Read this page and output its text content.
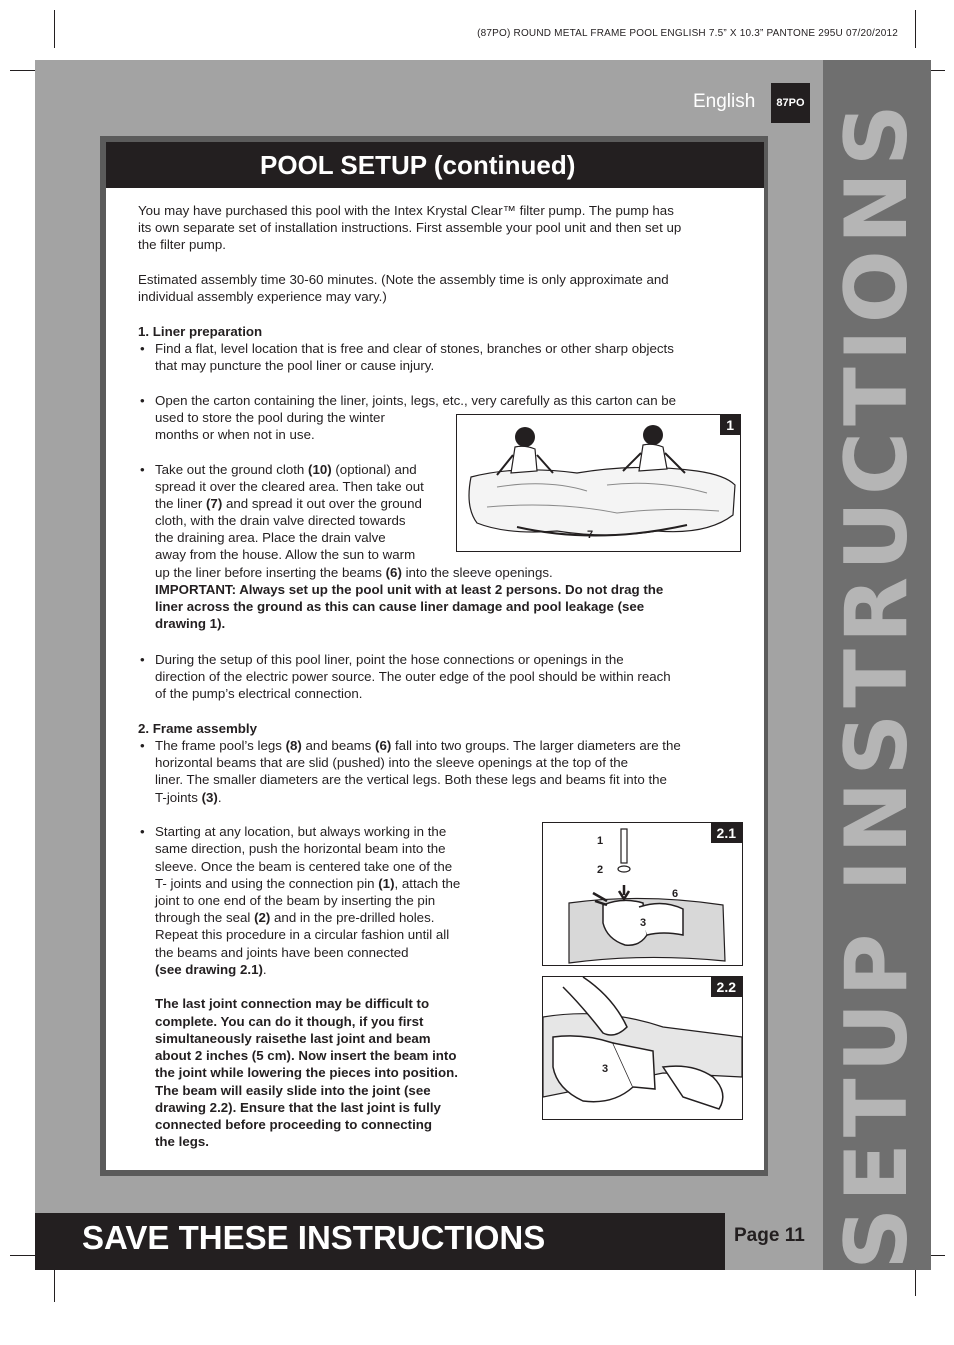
(87PO) ROUND METAL FRAME POOL ENGLISH 7.5” X 10.3” PANTONE 295U 07/20/2012
SETUP INSTRUCTIONS
English	87PO
POOL SETUP (continued)
You may have purchased this pool with the Intex Krystal Clear™ filter pump. The pump has
its own separate set of installation instructions. First assemble your pool unit and then set up
the filter pump.
Estimated assembly time 30-60 minutes. (Note the assembly time is only approximate and
individual assembly experience may vary.)
1. Liner preparation
• Find a flat, level location that is free and clear of stones, branches or other sharp objects
that may puncture the pool liner or cause injury.
• Open the carton containing the liner, joints, legs, etc., very carefully as this carton can be
used to store the pool during the winter
months or when not in use.
• Take out the ground cloth (10) (optional) and
spread it over the cleared area. Then take out
the liner (7) and spread it out over the ground
cloth, with the drain valve directed towards
the draining area. Place the drain valve
away from the house. Allow the sun to warm
up the liner before inserting the beams (6) into the sleeve openings.
IMPORTANT: Always set up the pool unit with at least 2 persons. Do not drag the
liner across the ground as this can cause liner damage and pool leakage (see
drawing 1).
• During the setup of this pool liner, point the hose connections or openings in the
direction of the electric power source. The outer edge of the pool should be within reach
of the pump’s electrical connection.
2. Frame assembly
• The frame pool’s legs (8) and beams (6) fall into two groups. The larger diameters are the
horizontal beams that are slid (pushed) into the sleeve openings at the top of the
liner. The smaller diameters are the vertical legs. Both these legs and beams fit into the
T-joints (3).
• Starting at any location, but always working in the
same direction, push the horizontal beam into the
sleeve. Once the beam is centered take one of the
T- joints and using the connection pin (1), attach the
joint to one end of the beam by inserting the pin
through the seal (2) and in the pre-drilled holes.
Repeat this procedure in a circular fashion until all
the beams and joints have been connected
(see drawing 2.1).
The last joint connection may be difficult to
complete. You can do it though, if you first
simultaneously raisethe last joint and beam
about 2 inches (5 cm). Now insert the beam into
the joint while lowering the pieces into position.
The beam will easily slide into the joint (see
drawing 2.2). Ensure that the last joint is fully
connected before proceeding to connecting
the legs.
1
7
2.1
1
2
6
3
2.2
3
SAVE THESE INSTRUCTIONS	Page 11
